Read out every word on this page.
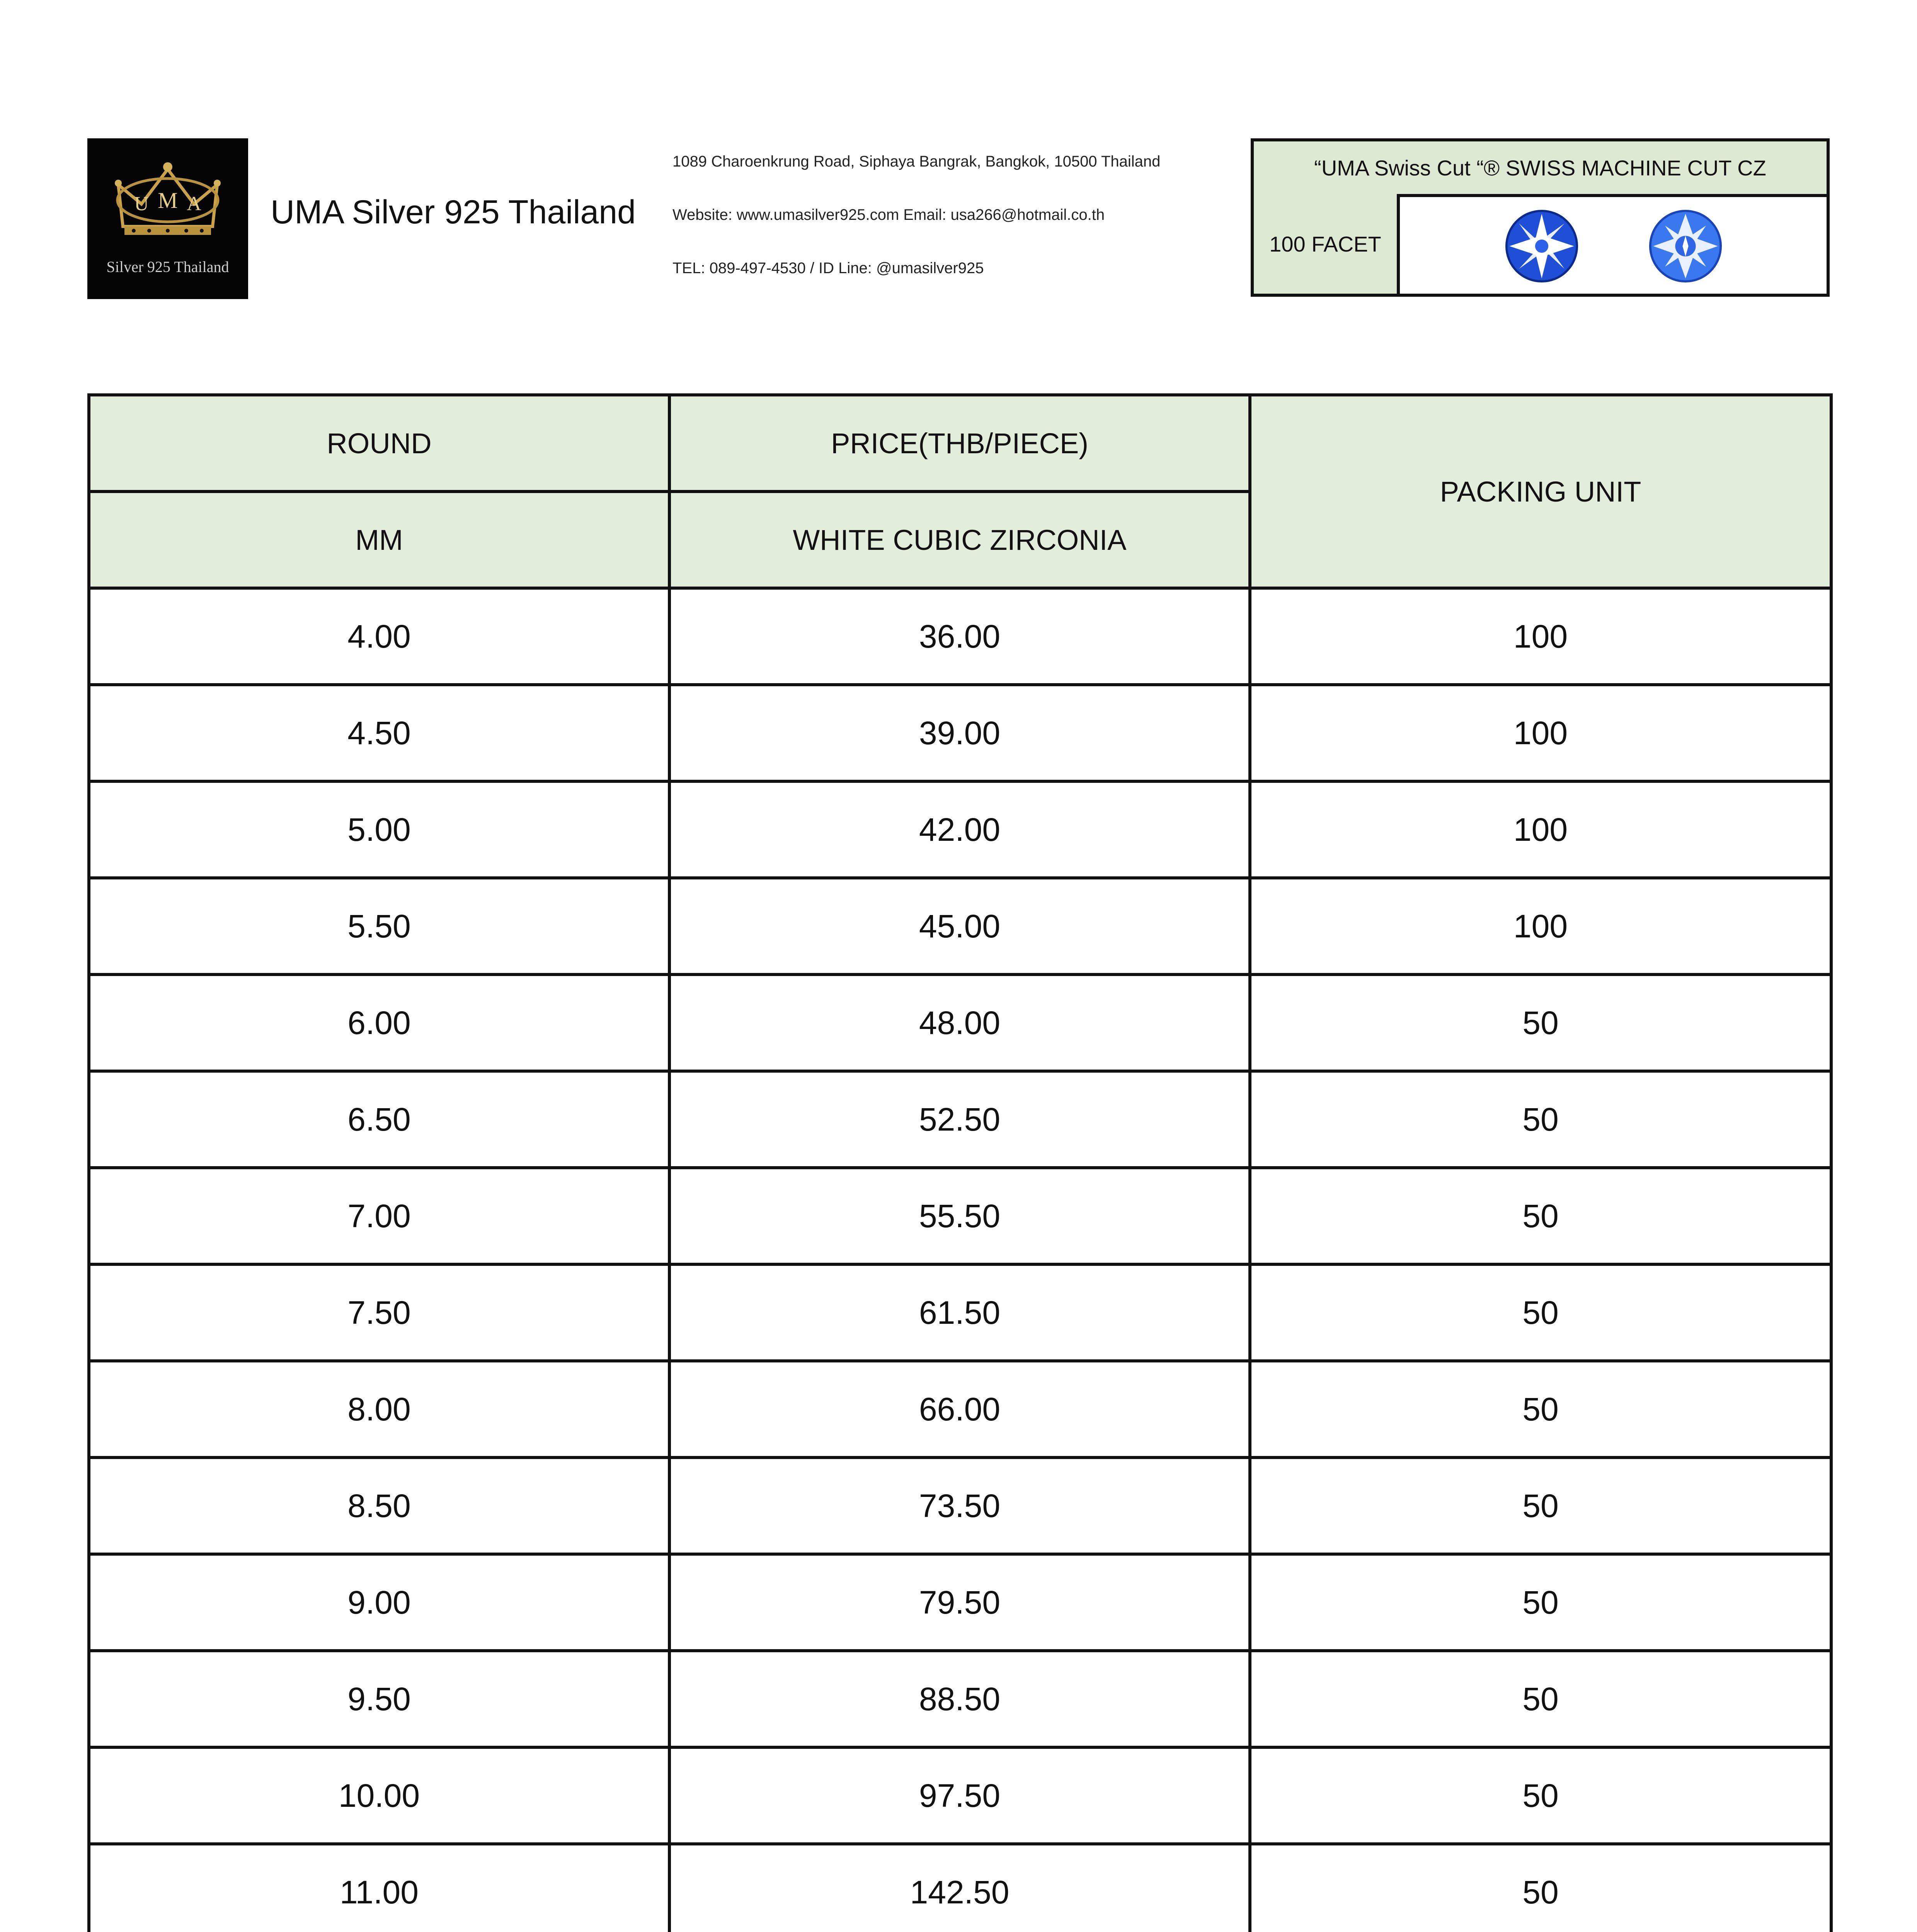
U M A
Silver 925 Thailand
UMA Silver 925 Thailand
1089 Charoenkrung Road, Siphaya Bangrak, Bangkok, 10500 Thailand
Website: www.umasilver925.com Email: usa266@hotmail.co.th
TEL: 089-497-4530 / ID Line: @umasilver925
“UMA Swiss Cut “® SWISS MACHINE CUT CZ
100 FACET
ROUND	PRICE(THB/PIECE)	PACKING UNIT
MM	WHITE CUBIC ZIRCONIA	
4.00	36.00	100
4.50	39.00	100
5.00	42.00	100
5.50	45.00	100
6.00	48.00	50
6.50	52.50	50
7.00	55.50	50
7.50	61.50	50
8.00	66.00	50
8.50	73.50	50
9.00	79.50	50
9.50	88.50	50
10.00	97.50	50
11.00	142.50	50
